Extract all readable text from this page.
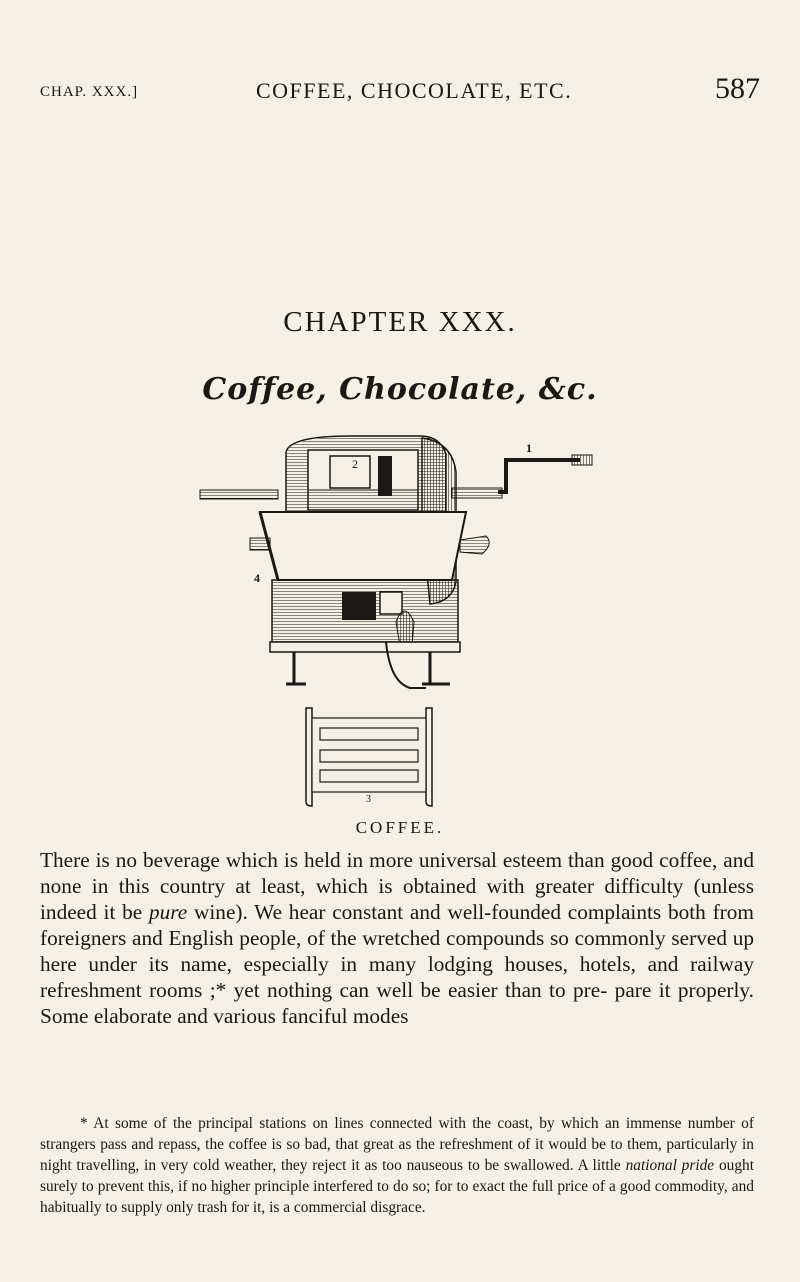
CHAP. XXX.]	COFFEE, CHOCOLATE, ETC.	587
CHAPTER XXX.
Coffee, Chocolate, &c.
2
1
4
3
COFFEE.

There is no beverage which is held in more universal esteem than good coffee, and none in this country at least, which is obtained with greater difficulty (unless indeed it be pure wine). We hear constant and well-founded complaints both from foreigners and English people, of the wretched compounds so commonly served up here under its name, especially in many lodging houses, hotels, and railway refreshment rooms ;* yet nothing can well be easier than to pre- pare it properly. Some elaborate and various fanciful modes

* At some of the principal stations on lines connected with the coast, by which an immense number of strangers pass and repass, the coffee is so bad, that great as the refreshment of it would be to them, particularly in night travelling, in very cold weather, they reject it as too nauseous to be swallowed. A little national pride ought surely to prevent this, if no higher principle interfered to do so; for to exact the full price of a good commodity, and habitually to supply only trash for it, is a commercial disgrace.
